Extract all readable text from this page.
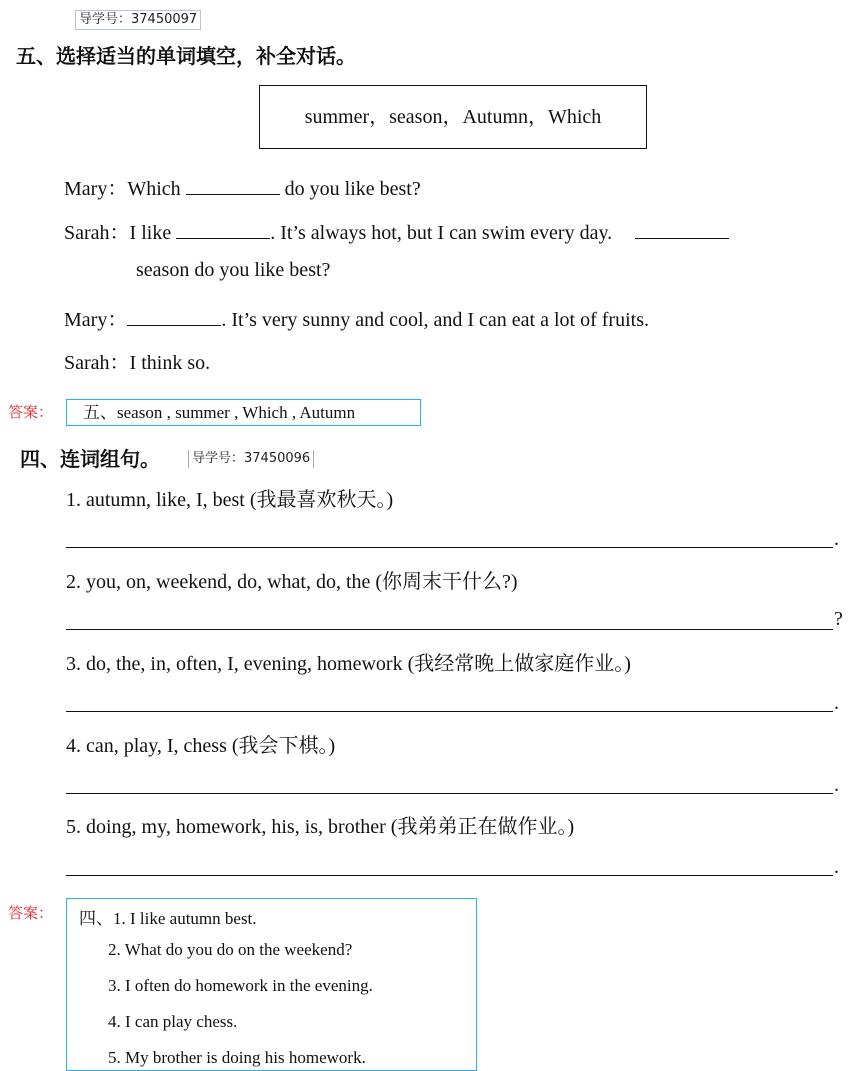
导学号：37450097
五、选择适当的单词填空，补全对话。
summer，season，Autumn，Which
Mary：Which	do you like best?
Sarah：I like	. It’s always hot, but I can swim every day.
season do you like best?
Mary：	. It’s very sunny and cool, and I can eat a lot of fruits.
Sarah：I think so.
答案：	五、season , summer , Which , Autumn
四、连词组句。	导学号：37450096
1. autumn, like, I, best (我最喜欢秋天。)
.
2. you, on, weekend, do, what, do, the (你周末干什么?)
?
3. do, the, in, often, I, evening, homework (我经常晚上做家庭作业。)
.
4. can, play, I, chess (我会下棋。)
.
5. doing, my, homework, his, is, brother (我弟弟正在做作业。)
.
答案： 四、1. I like autumn best.
2. What do you do on the weekend?
3. I often do homework in the evening.
4. I can play chess.
5. My brother is doing his homework.
